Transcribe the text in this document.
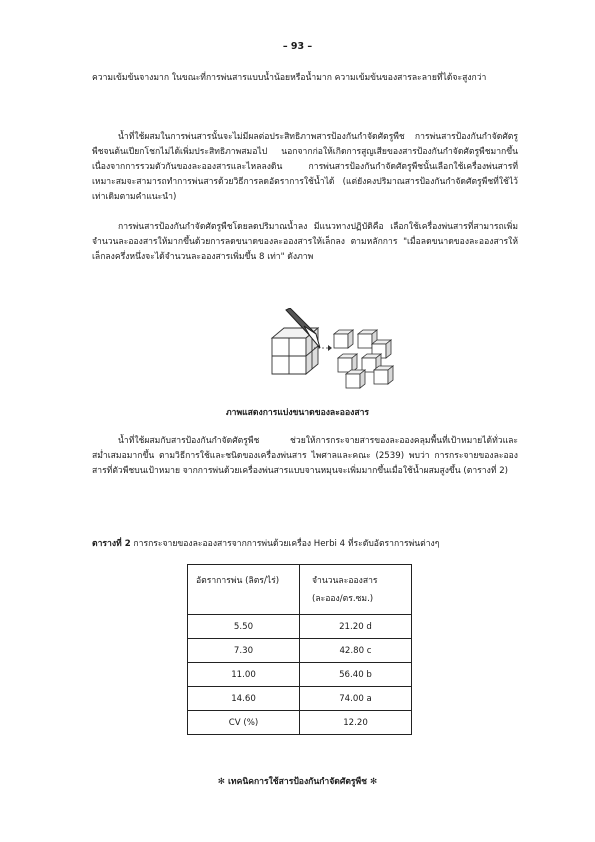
– 93 –

ความเข้มข้นจางมาก ในขณะที่การพ่นสารแบบน้ำน้อยหรือน้ำมาก ความเข้มข้นของสารละลายที่ได้จะสูงกว่า

น้ำที่ใช้ผสมในการพ่นสารนั้นจะไม่มีผลต่อประสิทธิภาพสารป้องกันกำจัดศัตรูพืช การพ่นสารป้องกันกำจัดศัตรูพืชจนต้นเปียกโชกไม่ได้เพิ่มประสิทธิภาพสมอไป นอกจากก่อให้เกิดการสูญเสียของสารป้องกันกำจัดศัตรูพืชมากขึ้น เนื่องจากการรวมตัวกันของละอองสารและไหลลงดิน การพ่นสารป้องกันกำจัดศัตรูพืชนั้นเลือกใช้เครื่องพ่นสารที่เหมาะสมจะสามารถทำการพ่นสารด้วยวิธีการลดอัตราการใช้น้ำได้ (แต่ยังคงปริมาณสารป้องกันกำจัดศัตรูพืชที่ใช้ไว้เท่าเดิมตามคำแนะนำ)

การพ่นสารป้องกันกำจัดศัตรูพืชโดยลดปริมาณน้ำลง มีแนวทางปฏิบัติคือ เลือกใช้เครื่องพ่นสารที่สามารถเพิ่มจำนวนละอองสารให้มากขึ้นด้วยการลดขนาดของละอองสารให้เล็กลง ตามหลักการ "เมื่อลดขนาดของละอองสารให้เล็กลงครึ่งหนึ่งจะได้จำนวนละอองสารเพิ่มขึ้น 8 เท่า" ดังภาพ

ภาพแสดงการแบ่งขนาดของละอองสาร

น้ำที่ใช้ผสมกับสารป้องกันกำจัดศัตรูพืช ช่วยให้การกระจายสารของละอองคลุมพื้นที่เป้าหมายได้ทั่วและสม่ำเสมอมากขึ้น ตามวิธีการใช้และชนิดของเครื่องพ่นสาร ไพศาลและคณะ (2539) พบว่า การกระจายของละอองสารที่ตัวพืชบนเป้าหมาย จากการพ่นด้วยเครื่องพ่นสารแบบจานหมุนจะเพิ่มมากขึ้นเมื่อใช้น้ำผสมสูงขึ้น (ตารางที่ 2)

ตารางที่ 2 การกระจายของละอองสารจากการพ่นด้วยเครื่อง Herbi 4 ที่ระดับอัตราการพ่นต่างๆ
อัตราการพ่น (ลิตร/ไร่)	จำนวนละอองสาร
(ละออง/ตร.ซม.)

5.50	21.20 d
7.30	42.80 c
11.00	56.40 b
14.60	74.00 a
CV (%)	12.20
✻ เทคนิคการใช้สารป้องกันกำจัดศัตรูพืช ✻
